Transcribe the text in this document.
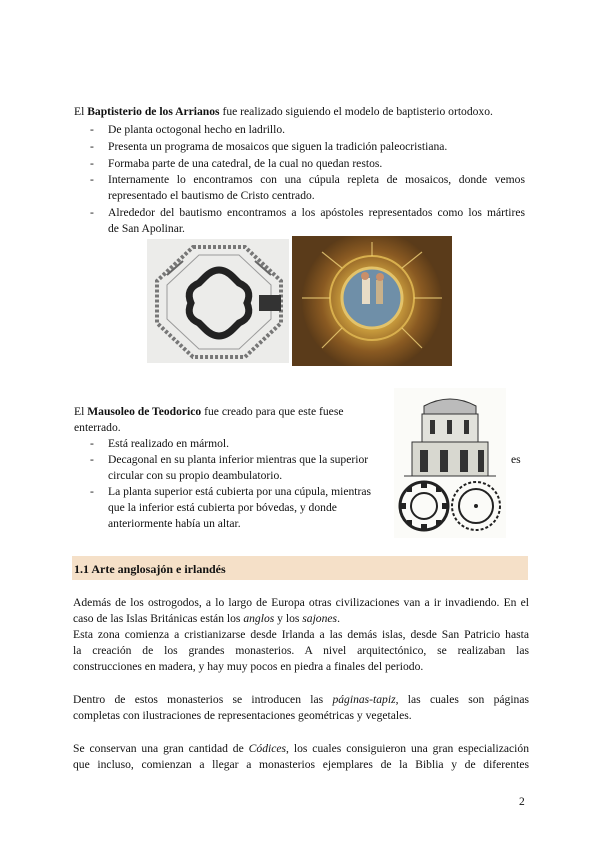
El Baptisterio de los Arrianos fue realizado siguiendo el modelo de baptisterio ortodoxo.

- De planta octogonal hecho en ladrillo.
- Presenta un programa de mosaicos que siguen la tradición paleocristiana.
- Formaba parte de una catedral, de la cual no quedan restos.
- Internamente lo encontramos con una cúpula repleta de mosaicos, donde vemos
representado el bautismo de Cristo centrado.
- Alrededor del bautismo encontramos a los apóstoles representados como los mártires
de San Apolinar.

El Mausoleo de Teodorico fue creado para que este fuese

enterrado.

- Está realizado en mármol.
- Decagonal en su planta inferior mientras que la superior
circular con su propio deambulatorio.
- La planta superior está cubierta por una cúpula, mientras
que la inferior está cubierta por bóvedas, y donde
anteriormente había un altar.
es
1.1 Arte anglosajón e irlandés
Además de los ostrogodos, a lo largo de Europa otras civilizaciones van a ir invadiendo. En el
caso de las Islas Británicas están los anglos y los sajones.
Esta zona comienza a cristianizarse desde Irlanda a las demás islas, desde San Patricio hasta
la creación de los grandes monasterios. A nivel arquitectónico, se realizaban las
construcciones en madera, y hay muy pocos en piedra a finales del periodo.
Dentro de estos monasterios se introducen las páginas-tapiz, las cuales son páginas
completas con ilustraciones de representaciones geométricas y vegetales.
Se conservan una gran cantidad de Códices, los cuales consiguieron una gran especialización
que incluso, comienzan a llegar a monasterios ejemplares de la Biblia y de diferentes
2
